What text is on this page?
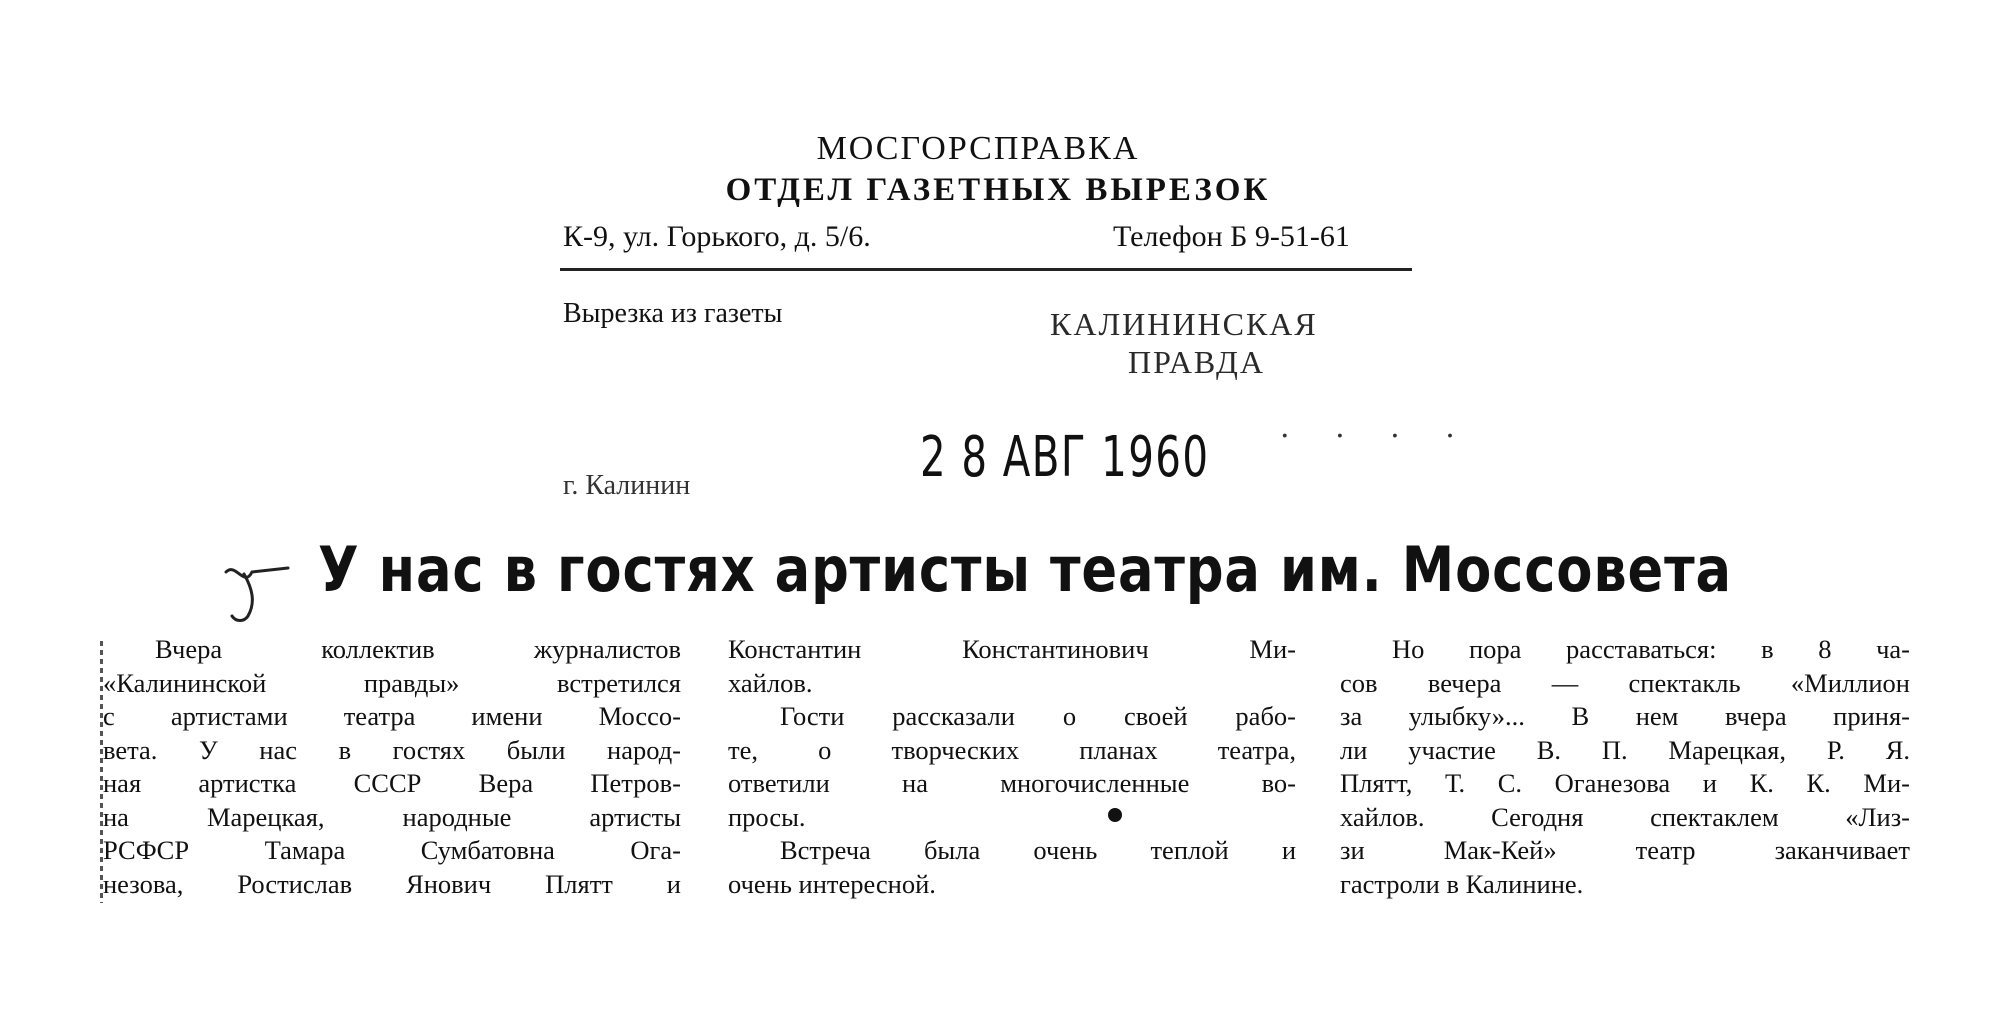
МОСГОРСПРАВКА
ОТДЕЛ ГАЗЕТНЫХ ВЫРЕЗОК
К-9, ул. Горького, д. 5/6.	Телефон Б 9-51-61
Вырезка из газеты	КАЛИНИНСКАЯ
ПРАВДА
г. Калинин	2 8 АВГ 1960 . . . .
У нас в гостях артисты театра им. Моссовета
Вчера коллектив журналистов
«Калининской правды» встретился
с артистами театра имени Моссо-
вета. У нас в гостях были народ-
ная артистка СССР Вера Петров-
на Марецкая, народные артисты
РСФСР Тамара Сумбатовна Ога-
незова, Ростислав Янович Плятт и
Константин Константинович Ми-
хайлов.
Гости рассказали о своей рабо-
те, о творческих планах театра,
ответили на многочисленные во-
просы.
Встреча была очень теплой и
очень интересной.
Но пора расставаться: в 8 ча-
сов вечера — спектакль «Миллион
за улыбку»... В нем вчера приня-
ли участие В. П. Марецкая, Р. Я.
Плятт, Т. С. Оганезова и К. К. Ми-
хайлов. Сегодня спектаклем «Лиз-
зи Мак-Кей» театр заканчивает
гастроли в Калинине.
